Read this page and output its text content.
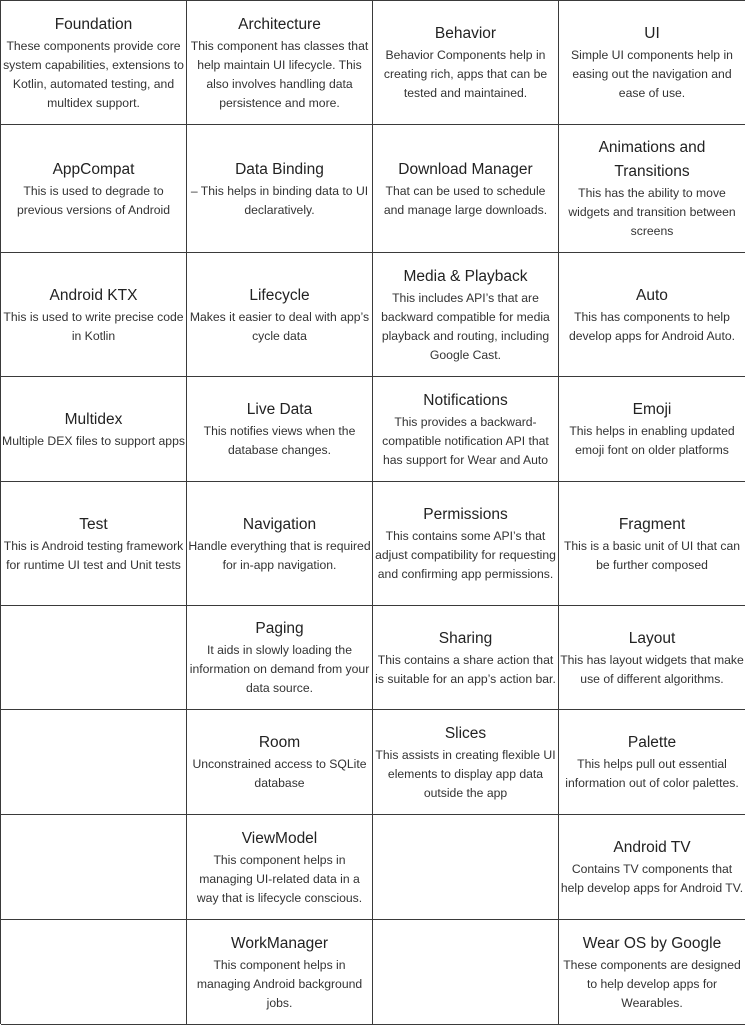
Foundation
These components provide core system capabilities, extensions to Kotlin, automated testing, and multidex support.
Architecture
This component has classes that help maintain UI lifecycle. This also involves handling data persistence and more.
Behavior
Behavior Components help in creating rich, apps that can be tested and maintained.
UI
Simple UI components help in easing out the navigation and ease of use.
AppCompat
This is used to degrade to previous versions of Android
Data Binding
– This helps in binding data to UI declaratively.
Download Manager
That can be used to schedule and manage large downloads.
Animations and Transitions
This has the ability to move widgets and transition between screens
Android KTX
This is used to write precise code in Kotlin
Lifecycle
Makes it easier to deal with app’s cycle data
Media & Playback
This includes API’s that are backward compatible for media playback and routing, including Google Cast.
Auto
This has components to help develop apps for Android Auto.
Multidex
Multiple DEX files to support apps
Live Data
This notifies views when the database changes.
Notifications
This provides a backward-compatible notification API that has support for Wear and Auto
Emoji
This helps in enabling updated emoji font on older platforms
Test
This is Android testing framework for runtime UI test and Unit tests
Navigation
Handle everything that is required for in-app navigation.
Permissions
This contains some API’s that adjust compatibility for requesting and confirming app permissions.
Fragment
This is a basic unit of UI that can be further composed
Paging
It aids in slowly loading the information on demand from your data source.
Sharing
This contains a share action that is suitable for an app’s action bar.
Layout
This has layout widgets that make use of different algorithms.
Room
Unconstrained access to SQLite database
Slices
This assists in creating flexible UI elements to display app data outside the app
Palette
This helps pull out essential information out of color palettes.
ViewModel
This component helps in managing UI-related data in a way that is lifecycle conscious.
Android TV
Contains TV components that help develop apps for Android TV.
WorkManager
This component helps in managing Android background jobs.
Wear OS by Google
These components are designed to help develop apps for Wearables.
